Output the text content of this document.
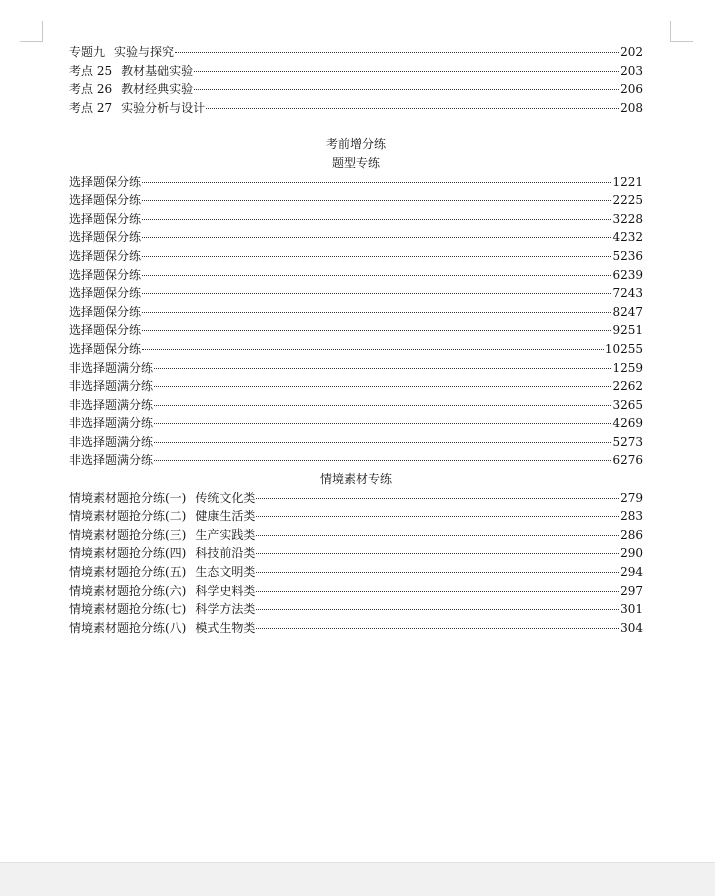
专题九 实验与探究	202
考点 25 教材基础实验	203
考点 26 教材经典实验	206
考点 27 实验分析与设计	208
考前增分练
题型专练
选择题保分练	1221
选择题保分练	2225
选择题保分练	3228
选择题保分练	4232
选择题保分练	5236
选择题保分练	6239
选择题保分练	7243
选择题保分练	8247
选择题保分练	9251
选择题保分练	10255
非选择题满分练	1259
非选择题满分练	2262
非选择题满分练	3265
非选择题满分练	4269
非选择题满分练	5273
非选择题满分练	6276
情境素材专练
情境素材题抢分练(一) 传统文化类	279
情境素材题抢分练(二) 健康生活类	283
情境素材题抢分练(三) 生产实践类	286
情境素材题抢分练(四) 科技前沿类	290
情境素材题抢分练(五) 生态文明类	294
情境素材题抢分练(六) 科学史料类	297
情境素材题抢分练(七) 科学方法类	301
情境素材题抢分练(八) 模式生物类	304
